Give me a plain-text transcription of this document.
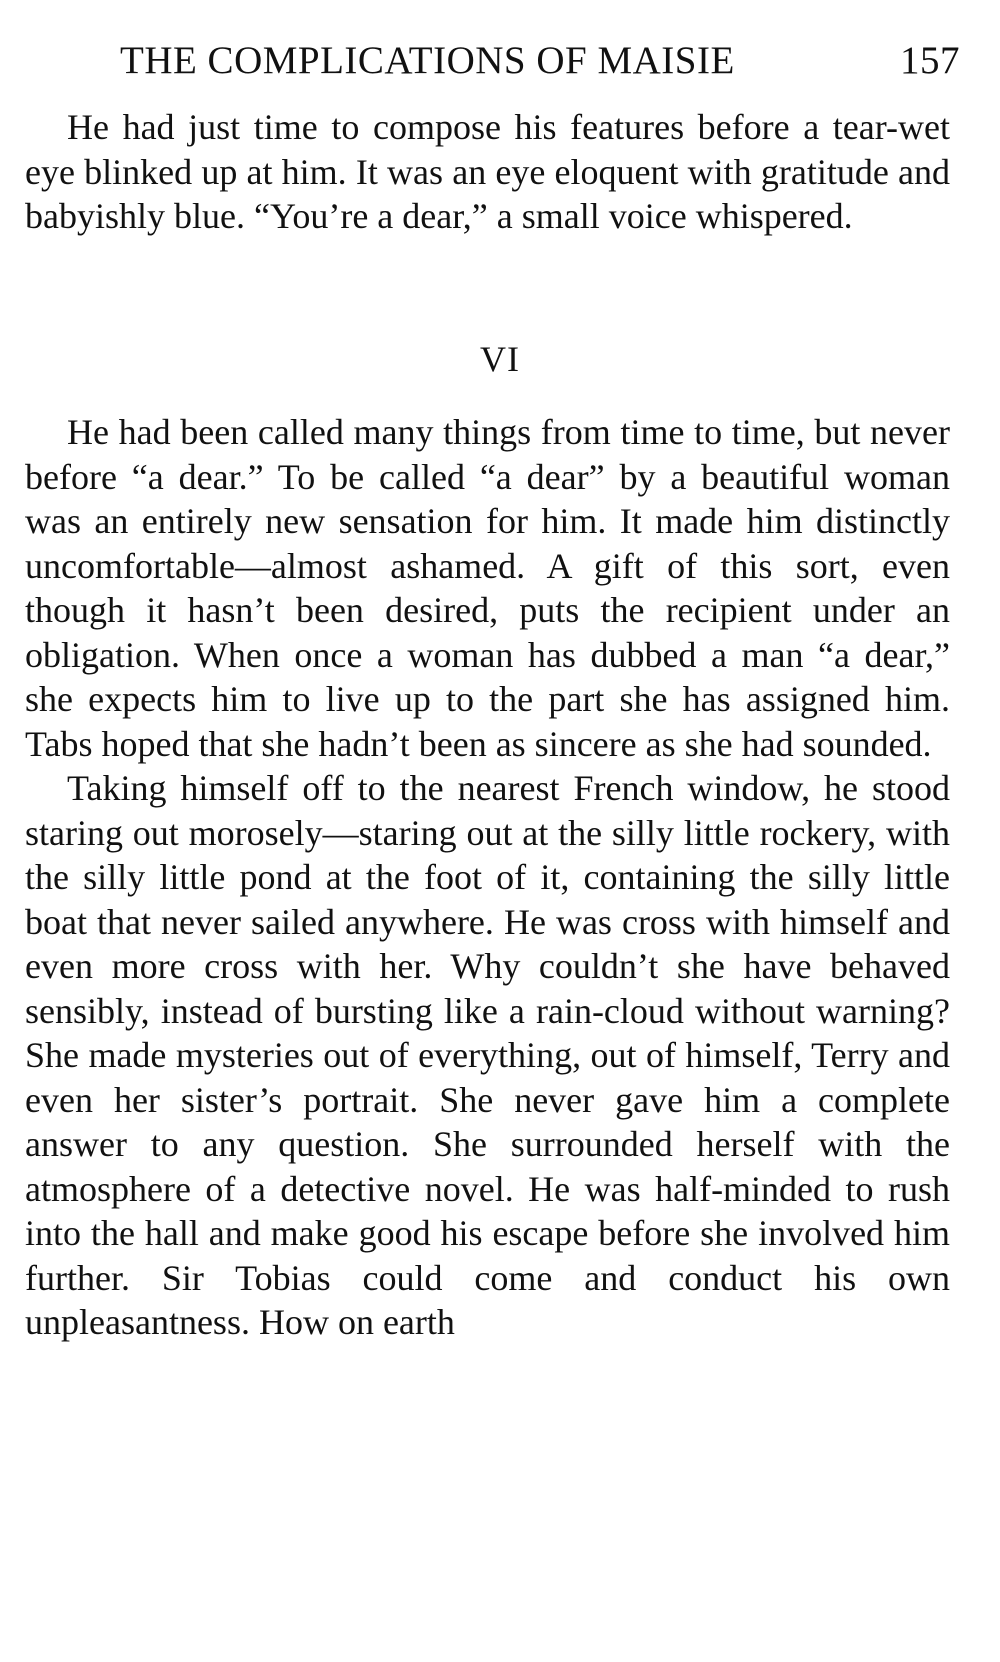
THE COMPLICATIONS OF MAISIE	157

He had just time to compose his features before a tear-wet eye blinked up at him. It was an eye eloquent with gratitude and babyishly blue. “You’re a dear,” a small voice whispered.

VI

He had been called many things from time to time, but never before “a dear.” To be called “a dear” by a beautiful woman was an entirely new sensation for him. It made him distinctly uncomfortable—almost ashamed. A gift of this sort, even though it hasn’t been desired, puts the recipient under an obligation. When once a woman has dubbed a man “a dear,” she expects him to live up to the part she has assigned him. Tabs hoped that she hadn’t been as sincere as she had sounded.

Taking himself off to the nearest French window, he stood staring out morosely—staring out at the silly little rockery, with the silly little pond at the foot of it, containing the silly little boat that never sailed anywhere. He was cross with himself and even more cross with her. Why couldn’t she have behaved sensibly, instead of bursting like a rain-cloud without warning? She made mysteries out of everything, out of himself, Terry and even her sister’s portrait. She never gave him a complete answer to any question. She surrounded herself with the atmosphere of a detective novel. He was half-minded to rush into the hall and make good his escape before she involved him further. Sir Tobias could come and conduct his own unpleasantness. How on earth
